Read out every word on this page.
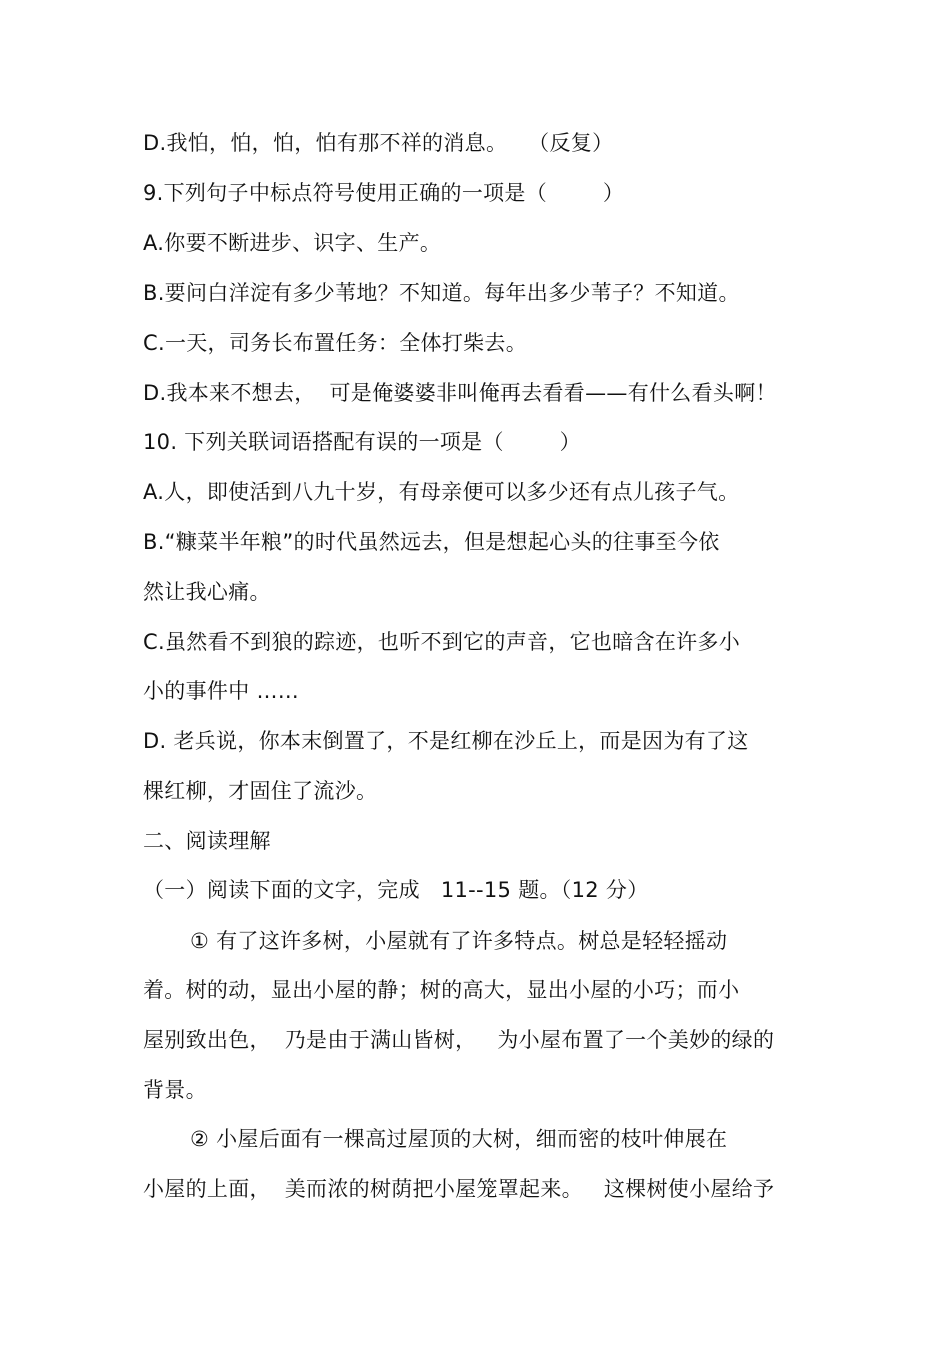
D.我怕，怕，怕，怕有那不祥的消息。   （反复）
9.下列句子中标点符号使用正确的一项是（        ）
A.你要不断进步、识字、生产。
B.要问白洋淀有多少苇地？不知道。每年出多少苇子？不知道。
C.一天，司务长布置任务：全体打柴去。
D.我本来不想去，  可是俺婆婆非叫俺再去看看——有什么看头啊！
10. 下列关联词语搭配有误的一项是（        ）
A.人，即使活到八九十岁，有母亲便可以多少还有点儿孩子气。
B.“糠菜半年粮”的时代虽然远去，但是想起心头的往事至今依
然让我心痛。
C.虽然看不到狼的踪迹，也听不到它的声音，它也暗含在许多小
小的事件中 ……
D. 老兵说，你本末倒置了，不是红柳在沙丘上，而是因为有了这
棵红柳，才固住了流沙。
二、阅读理解
（一）阅读下面的文字，完成   11--15 题。（12 分）
① 有了这许多树，小屋就有了许多特点。树总是轻轻摇动
着。树的动，显出小屋的静；树的高大，显出小屋的小巧；而小
屋别致出色，  乃是由于满山皆树，   为小屋布置了一个美妙的绿的
背景。
② 小屋后面有一棵高过屋顶的大树，细而密的枝叶伸展在
小屋的上面，  美而浓的树荫把小屋笼罩起来。   这棵树使小屋给予
